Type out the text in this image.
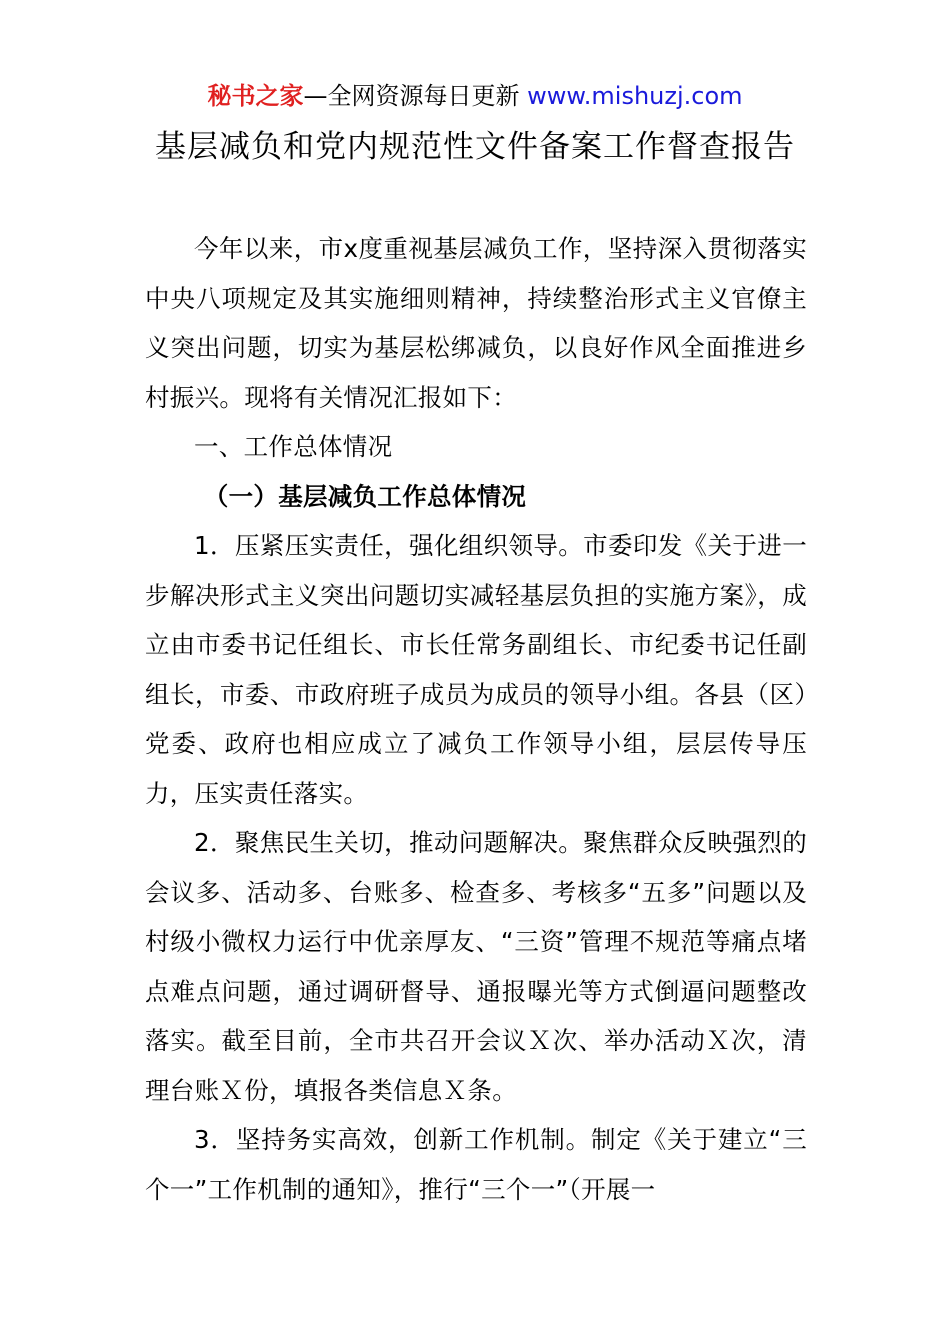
秘书之家—全网资源每日更新 www.mishuzj.com
基层减负和党内规范性文件备案工作督查报告

今年以来，市x度重视基层减负工作，坚持深入贯彻落实中央八项规定及其实施细则精神，持续整治形式主义官僚主义突出问题，切实为基层松绑减负，以良好作风全面推进乡村振兴。现将有关情况汇报如下：

一、工作总体情况

（一）基层减负工作总体情况

1．压紧压实责任，强化组织领导。市委印发《关于进一步解决形式主义突出问题切实减轻基层负担的实施方案》，成立由市委书记任组长、市长任常务副组长、市纪委书记任副组长，市委、市政府班子成员为成员的领导小组。各县（区）党委、政府也相应成立了减负工作领导小组，层层传导压力，压实责任落实。

2．聚焦民生关切，推动问题解决。聚焦群众反映强烈的会议多、活动多、台账多、检查多、考核多“五多”问题以及村级小微权力运行中优亲厚友、“三资”管理不规范等痛点堵点难点问题，通过调研督导、通报曝光等方式倒逼问题整改落实。截至目前，全市共召开会议Ｘ次、举办活动Ｘ次，清理台账Ｘ份，填报各类信息Ｘ条。

3．坚持务实高效，创新工作机制。制定《关于建立“三个一”工作机制的通知》，推行“三个一”（开展一
